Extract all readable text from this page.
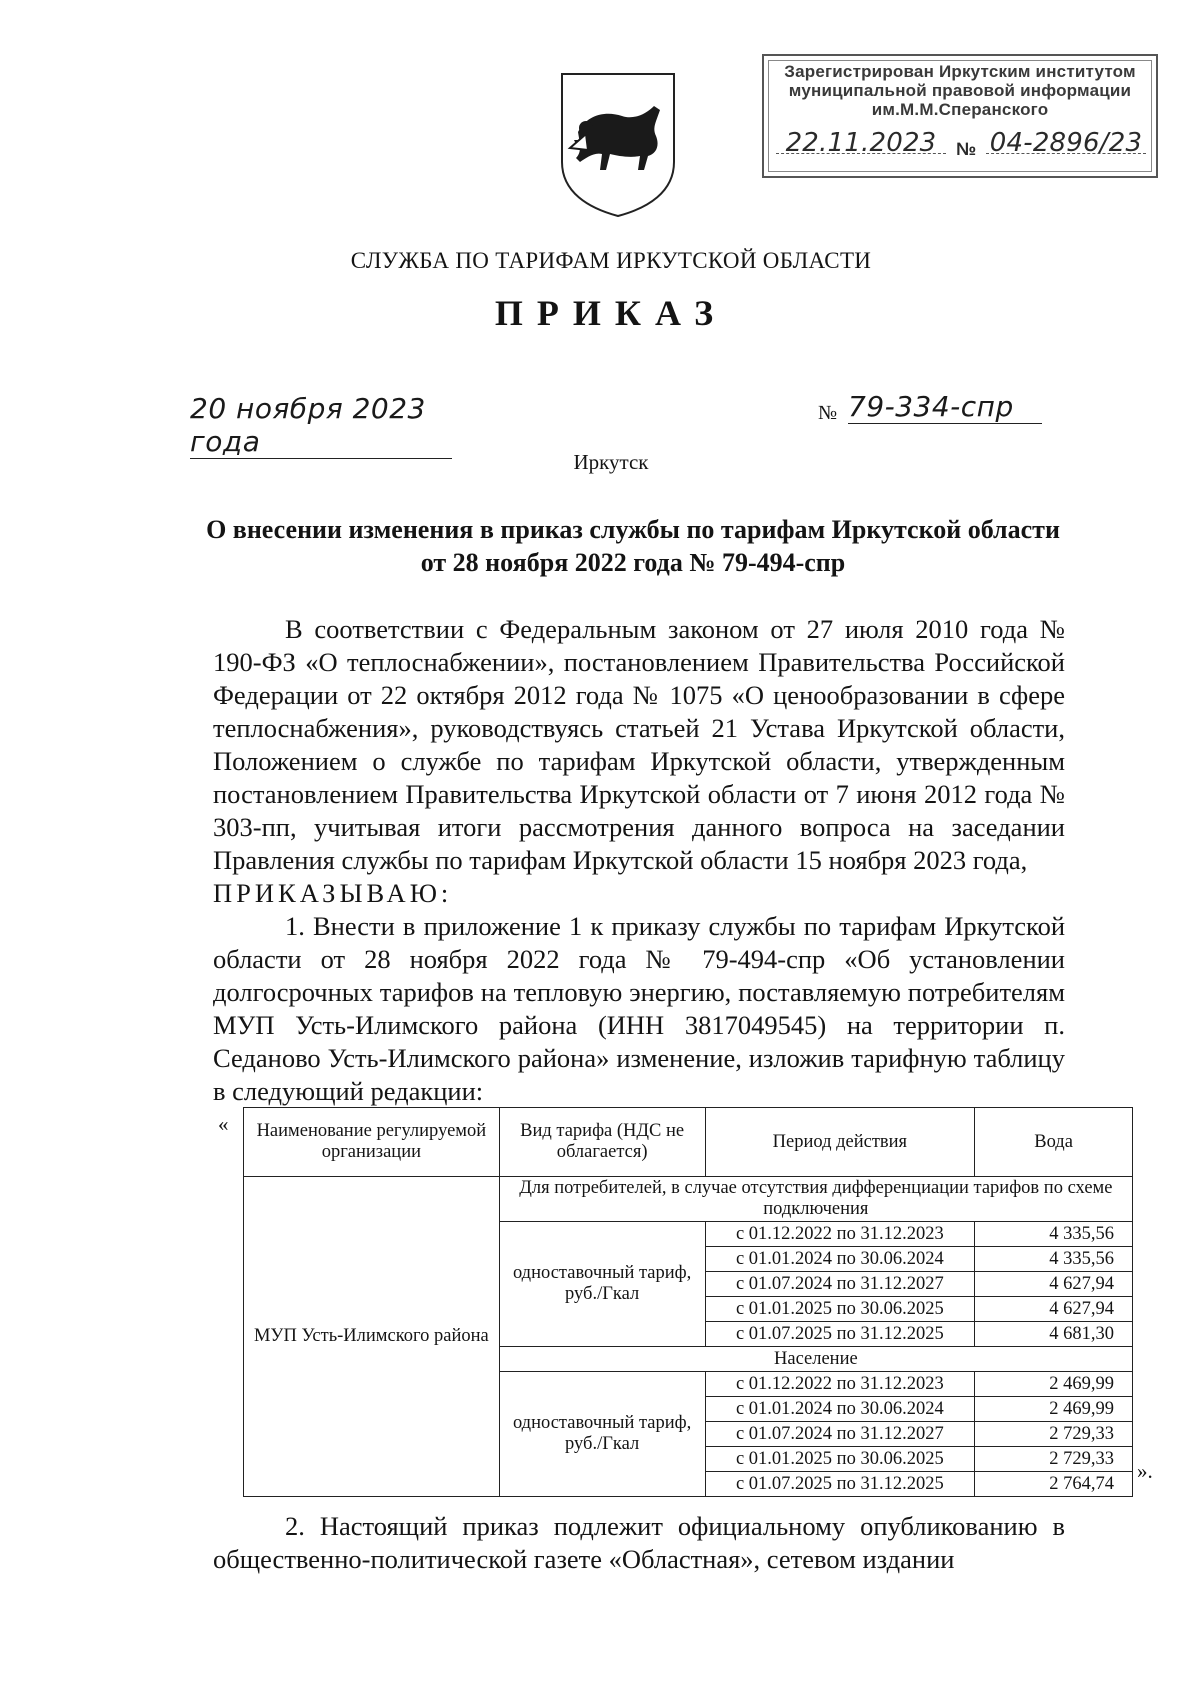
Зарегистрирован Иркутским институтом
муниципальной правовой информации
им.М.М.Сперанского
22.11.2023	№ 04-2896/23
СЛУЖБА ПО ТАРИФАМ ИРКУТСКОЙ ОБЛАСТИ
ПРИКАЗ
20 ноября 2023 года
№ 79-334-спр
Иркутск
О внесении изменения в приказ службы по тарифам Иркутской области
от 28 ноября 2022 года № 79-494-спр

В соответствии с Федеральным законом от 27 июля 2010 года № 190-ФЗ «О теплоснабжении», постановлением Правительства Российской Федерации от 22 октября 2012 года № 1075 «О ценообразовании в сфере теплоснабжения», руководствуясь статьей 21 Устава Иркутской области, Положением о службе по тарифам Иркутской области, утвержденным постановлением Правительства Иркутской области от 7 июня 2012 года № 303-пп, учитывая итоги рассмотрения данного вопроса на заседании Правления службы по тарифам Иркутской области 15 ноября 2023 года,

ПРИКАЗЫВАЮ:

1. Внести в приложение 1 к приказу службы по тарифам Иркутской области от 28 ноября 2022 года № 79-494-спр «Об установлении долгосрочных тарифов на тепловую энергию, поставляемую потребителям МУП Усть-Илимского района (ИНН 3817049545) на территории п. Седаново Усть-Илимского района» изменение, изложив тарифную таблицу в следующий редакции:

« Наименование регулируемой организации	Вид тарифа (НДС не облагается)	Период действия	Вода
МУП Усть-Илимского района	Для потребителей, в случае отсутствия дифференциации тарифов по схеме подключения		
	одноставочный тариф, руб./Гкал	с 01.12.2022 по 31.12.2023	4 335,56
		с 01.01.2024 по 30.06.2024	4 335,56
		с 01.07.2024 по 31.12.2027	4 627,94
		с 01.01.2025 по 30.06.2025	4 627,94
		с 01.07.2025 по 31.12.2025	4 681,30
	Население		
	одноставочный тариф, руб./Гкал	с 01.12.2022 по 31.12.2023	2 469,99
		с 01.01.2024 по 30.06.2024	2 469,99
		с 01.07.2024 по 31.12.2027	2 729,33
		с 01.01.2025 по 30.06.2025	2 729,33
		с 01.07.2025 по 31.12.2025	2 764,74
».

2. Настоящий приказ подлежит официальному опубликованию в общественно-политической газете «Областная», сетевом издании
